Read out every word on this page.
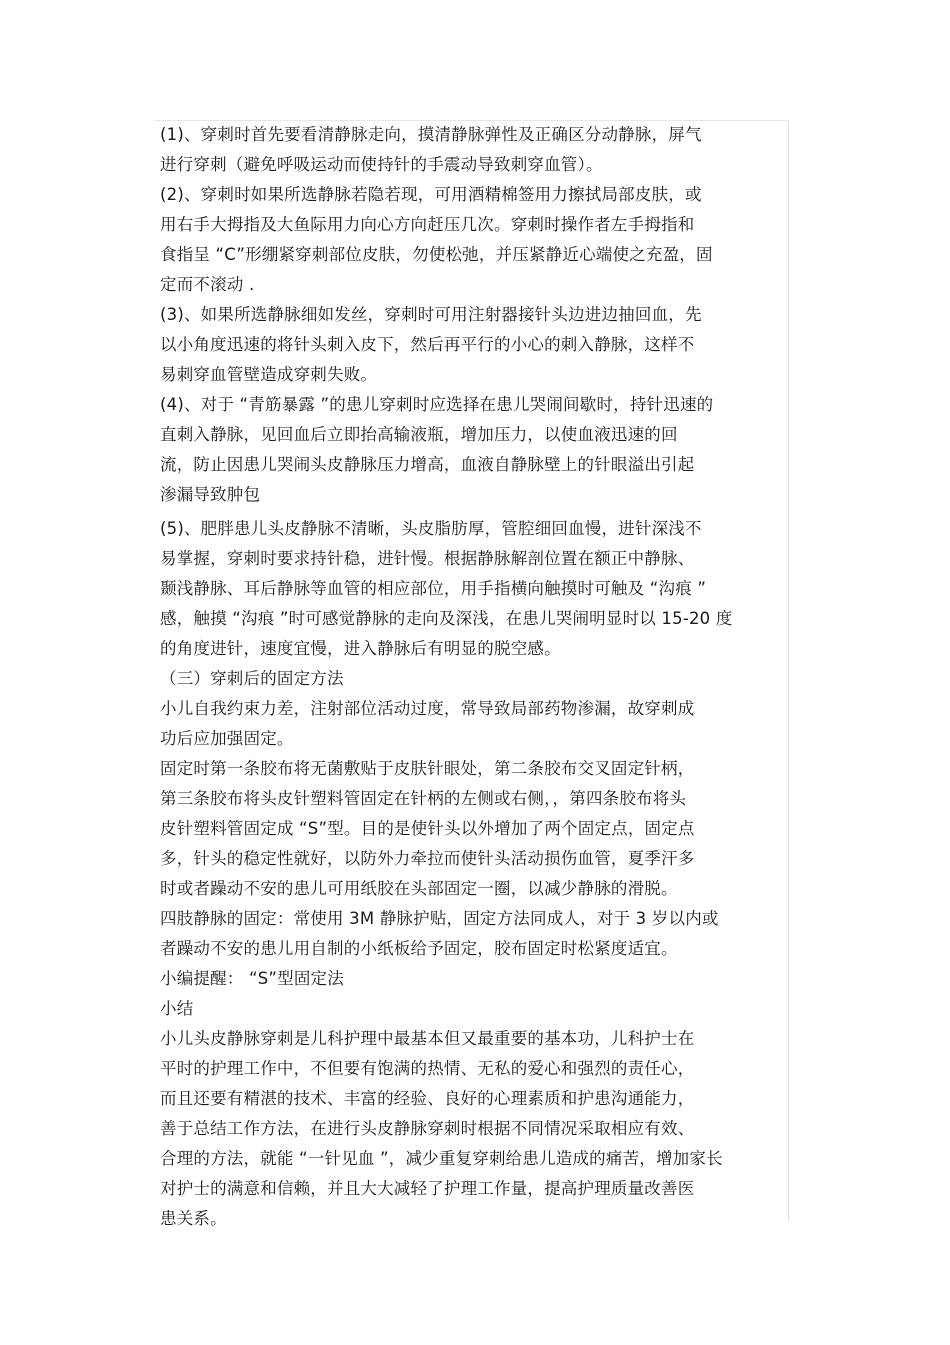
(1)、穿刺时首先要看清静脉走向，摸清静脉弹性及正确区分动静脉，屏气
进行穿刺（避免呼吸运动而使持针的手震动导致刺穿血管）。
(2)、穿刺时如果所选静脉若隐若现，可用酒精棉签用力擦拭局部皮肤，或
用右手大拇指及大鱼际用力向心方向赶压几次。穿刺时操作者左手拇指和
食指呈 “C”形绷紧穿刺部位皮肤，勿使松弛，并压紧静近心端使之充盈，固
定而不滚动 .
(3)、如果所选静脉细如发丝，穿刺时可用注射器接针头边进边抽回血，先
以小角度迅速的将针头刺入皮下，然后再平行的小心的刺入静脉，这样不
易刺穿血管壁造成穿刺失败。
(4)、对于 “青筋暴露 ”的患儿穿刺时应选择在患儿哭闹间歇时，持针迅速的
直刺入静脉，见回血后立即抬高输液瓶，增加压力，以使血液迅速的回
流，防止因患儿哭闹头皮静脉压力增高，血液自静脉壁上的针眼溢出引起
渗漏导致肿包
(5)、肥胖患儿头皮静脉不清晰，头皮脂肪厚，管腔细回血慢，进针深浅不
易掌握，穿刺时要求持针稳，进针慢。根据静脉解剖位置在额正中静脉、
颞浅静脉、耳后静脉等血管的相应部位，用手指横向触摸时可触及 “沟痕 ”
感，触摸 “沟痕 ”时可感觉静脉的走向及深浅，在患儿哭闹明显时以 15-20 度
的角度进针，速度宜慢，进入静脉后有明显的脱空感。
（三）穿刺后的固定方法
小儿自我约束力差，注射部位活动过度，常导致局部药物渗漏，故穿刺成
功后应加强固定。
固定时第一条胶布将无菌敷贴于皮肤针眼处，第二条胶布交叉固定针柄，
第三条胶布将头皮针塑料管固定在针柄的左侧或右侧，，第四条胶布将头
皮针塑料管固定成 “S”型。目的是使针头以外增加了两个固定点，固定点
多，针头的稳定性就好，以防外力牵拉而使针头活动损伤血管，夏季汗多
时或者躁动不安的患儿可用纸胶在头部固定一圈，以减少静脉的滑脱。
四肢静脉的固定：常使用 3M 静脉护贴，固定方法同成人，对于 3 岁以内或
者躁动不安的患儿用自制的小纸板给予固定，胶布固定时松紧度适宜。
小编提醒： “S”型固定法
小结
小儿头皮静脉穿刺是儿科护理中最基本但又最重要的基本功，儿科护士在
平时的护理工作中，不但要有饱满的热情、无私的爱心和强烈的责任心，
而且还要有精湛的技术、丰富的经验、良好的心理素质和护患沟通能力，
善于总结工作方法，在进行头皮静脉穿刺时根据不同情况采取相应有效、
合理的方法，就能 “一针见血 ”，减少重复穿刺给患儿造成的痛苦，增加家长
对护士的满意和信赖，并且大大减轻了护理工作量，提高护理质量改善医
患关系。
